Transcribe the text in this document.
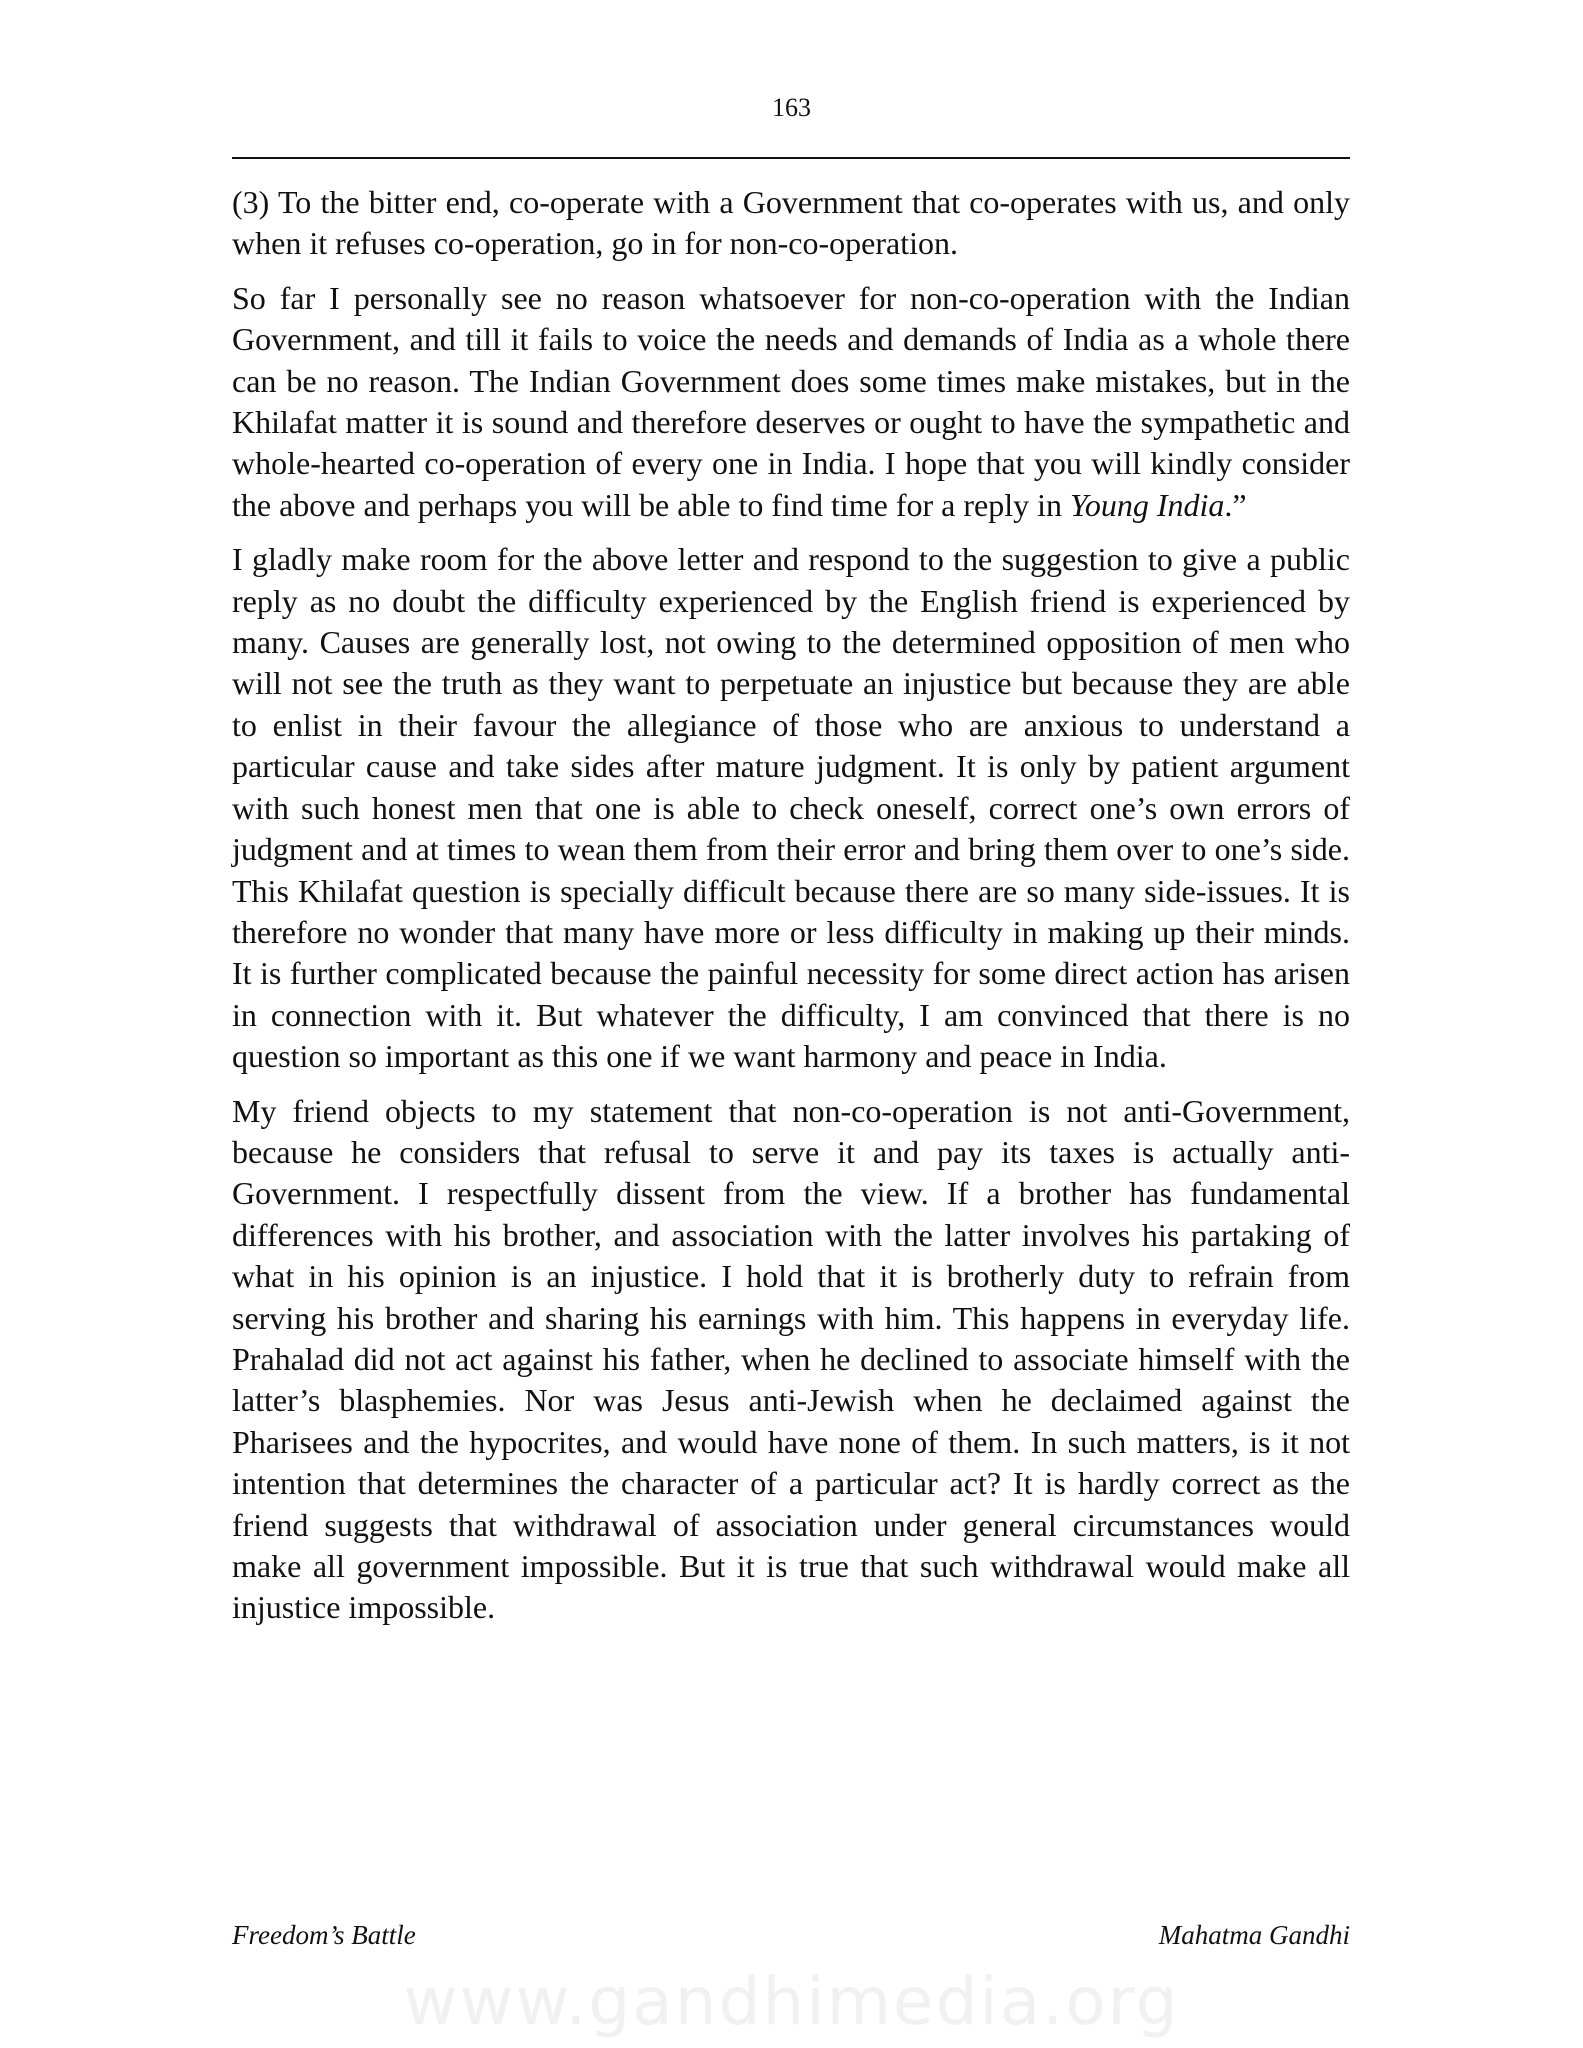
163

(3) To the bitter end, co-operate with a Government that co-operates with us, and only when it refuses co-operation, go in for non-co-operation.

So far I personally see no reason whatsoever for non-co-operation with the Indian Government, and till it fails to voice the needs and demands of India as a whole there can be no reason. The Indian Government does some times make mistakes, but in the Khilafat matter it is sound and therefore deserves or ought to have the sympathetic and whole-hearted co-operation of every one in India. I hope that you will kindly consider the above and perhaps you will be able to find time for a reply in Young India.”

I gladly make room for the above letter and respond to the suggestion to give a public reply as no doubt the difficulty experienced by the English friend is experienced by many. Causes are generally lost, not owing to the determined opposition of men who will not see the truth as they want to perpetuate an injustice but because they are able to enlist in their favour the allegiance of those who are anxious to understand a particular cause and take sides after mature judgment. It is only by patient argument with such honest men that one is able to check oneself, correct one’s own errors of judgment and at times to wean them from their error and bring them over to one’s side. This Khilafat question is specially difficult because there are so many side-issues. It is therefore no wonder that many have more or less difficulty in making up their minds. It is further complicated because the painful necessity for some direct action has arisen in connection with it. But whatever the difficulty, I am convinced that there is no question so important as this one if we want harmony and peace in India.

My friend objects to my statement that non-co-operation is not anti-Government, because he considers that refusal to serve it and pay its taxes is actually anti-Government. I respectfully dissent from the view. If a brother has fundamental differences with his brother, and association with the latter involves his partaking of what in his opinion is an injustice. I hold that it is brotherly duty to refrain from serving his brother and sharing his earnings with him. This happens in everyday life. Prahalad did not act against his father, when he declined to associate himself with the latter’s blasphemies. Nor was Jesus anti-Jewish when he declaimed against the Pharisees and the hypocrites, and would have none of them. In such matters, is it not intention that determines the character of a particular act? It is hardly correct as the friend suggests that withdrawal of association under general circumstances would make all government impossible. But it is true that such withdrawal would make all injustice impossible.

Freedom’s Battle	Mahatma Gandhi
www.gandhimedia.org
